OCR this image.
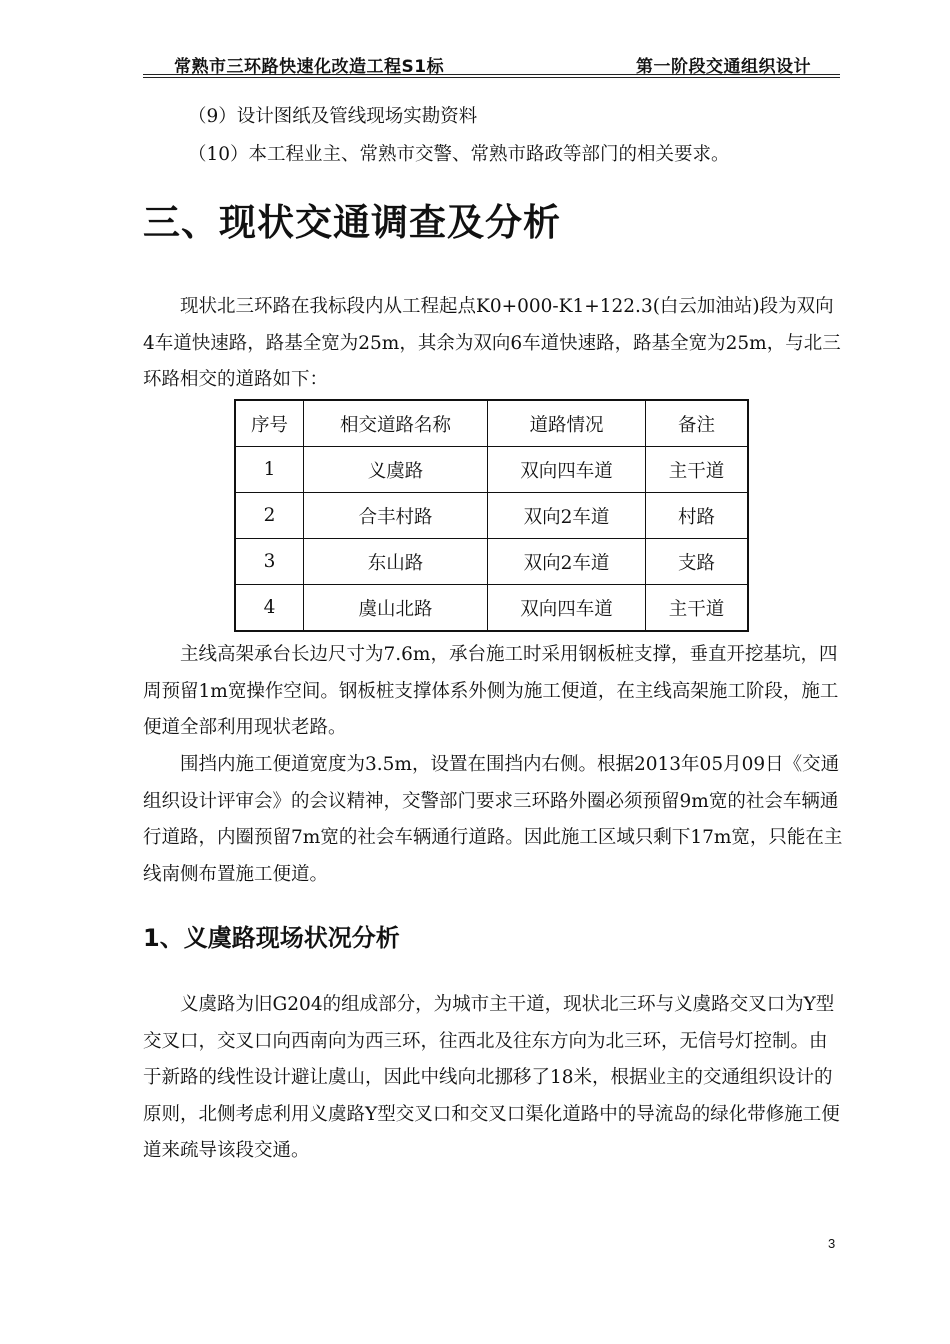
常熟市三环路快速化改造工程S1标	第一阶段交通组织设计

（9）设计图纸及管线现场实勘资料

（10）本工程业主、常熟市交警、常熟市路政等部门的相关要求。

三、现状交通调查及分析

现状北三环路在我标段内从工程起点K0+000-K1+122.3(白云加油站)段为双向4车道快速路，路基全宽为25m，其余为双向6车道快速路，路基全宽为25m，与北三环路相交的道路如下：

序号	相交道路名称	道路情况	备注
1	义虞路	双向四车道	主干道
2	合丰村路	双向2车道	村路
3	东山路	双向2车道	支路
4	虞山北路	双向四车道	主干道

主线高架承台长边尺寸为7.6m，承台施工时采用钢板桩支撑，垂直开挖基坑，四周预留1m宽操作空间。钢板桩支撑体系外侧为施工便道，在主线高架施工阶段，施工便道全部利用现状老路。

围挡内施工便道宽度为3.5m，设置在围挡内右侧。根据2013年05月09日《交通组织设计评审会》的会议精神，交警部门要求三环路外圈必须预留9m宽的社会车辆通行道路，内圈预留7m宽的社会车辆通行道路。因此施工区域只剩下17m宽，只能在主线南侧布置施工便道。

1、义虞路现场状况分析

义虞路为旧G204的组成部分，为城市主干道，现状北三环与义虞路交叉口为Y型交叉口，交叉口向西南向为西三环，往西北及往东方向为北三环，无信号灯控制。由于新路的线性设计避让虞山，因此中线向北挪移了18米，根据业主的交通组织设计的原则，北侧考虑利用义虞路Y型交叉口和交叉口渠化道路中的导流岛的绿化带修施工便道来疏导该段交通。

3
